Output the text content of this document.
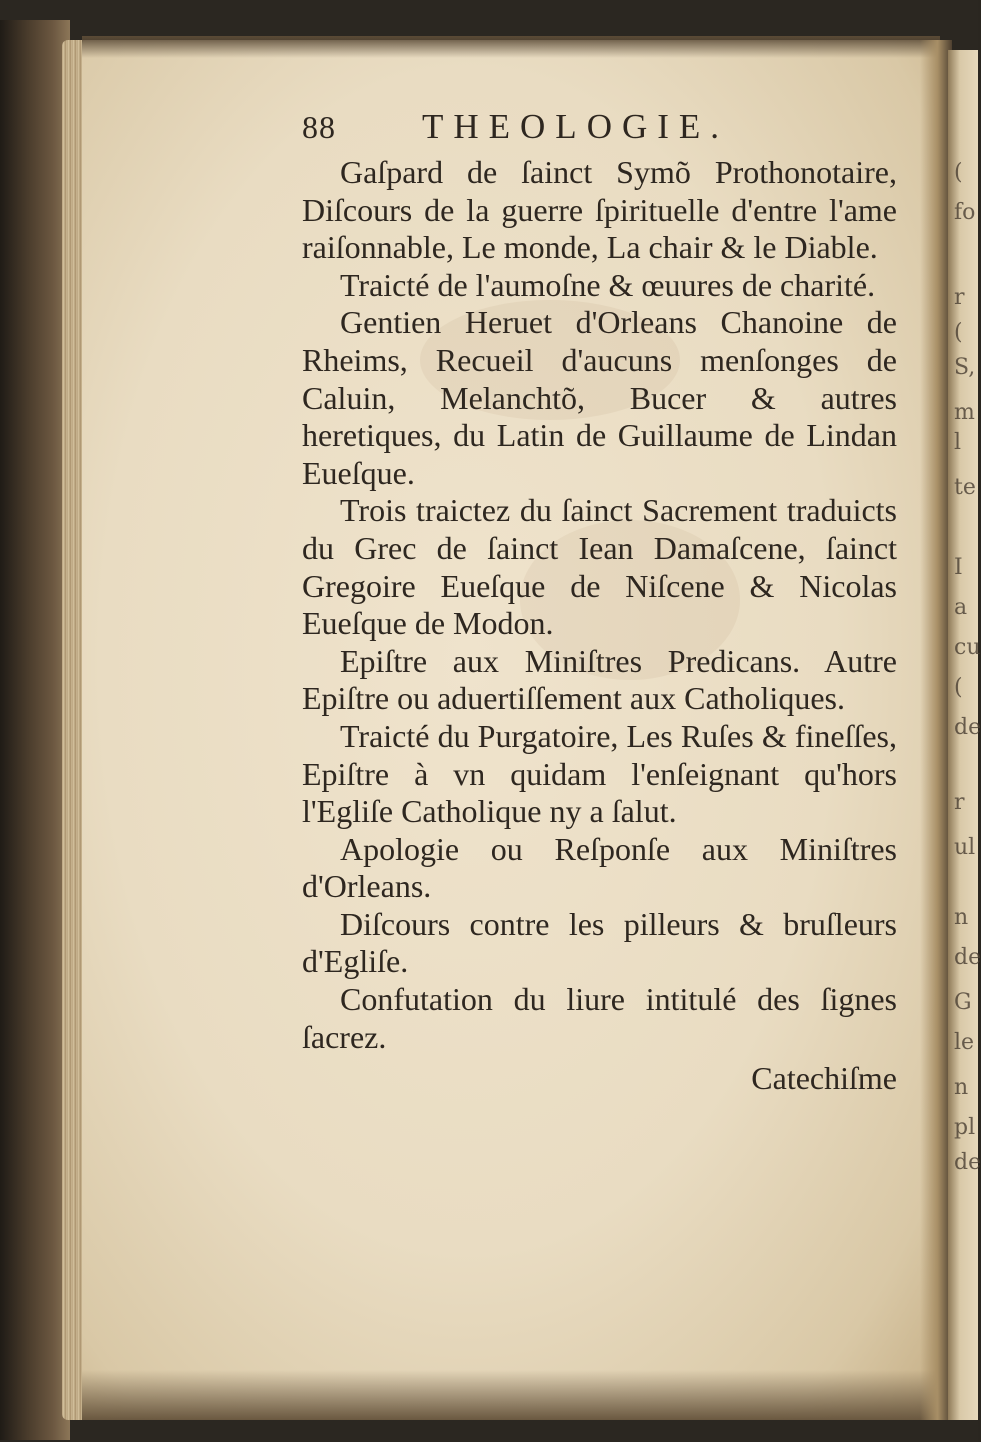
(
fo
r
(
S,
m
l
te
I
a
cu
(
de
r
ul
n
de
G
le
n
pl
de
88	THEOLOGIE.

Gaſpard de ſainct Symõ Prothonotaire, Diſcours de la guerre ſpirituelle d'entre l'ame raiſonnable, Le monde, La chair & le Diable.

Traicté de l'aumoſne & œuures de charité.

Gentien Heruet d'Orleans Chanoine de Rheims, Recueil d'aucuns menſonges de Caluin, Melanchtõ, Bucer & autres heretiques, du Latin de Guillaume de Lindan Eueſque.

Trois traictez du ſainct Sacrement traduicts du Grec de ſainct Iean Damaſcene, ſainct Gregoire Eueſque de Niſcene & Nicolas Eueſque de Modon.

Epiſtre aux Miniſtres Predicans. Autre Epiſtre ou aduertiſſement aux Catholiques.

Traicté du Purgatoire, Les Ruſes & fineſſes, Epiſtre à vn quidam l'enſeignant qu'hors l'Egliſe Catholique ny a ſalut.

Apologie ou Reſponſe aux Miniſtres d'Orleans.

Diſcours contre les pilleurs & bruſleurs d'Egliſe.

Confutation du liure intitulé des ſignes ſacrez.

Catechiſme
